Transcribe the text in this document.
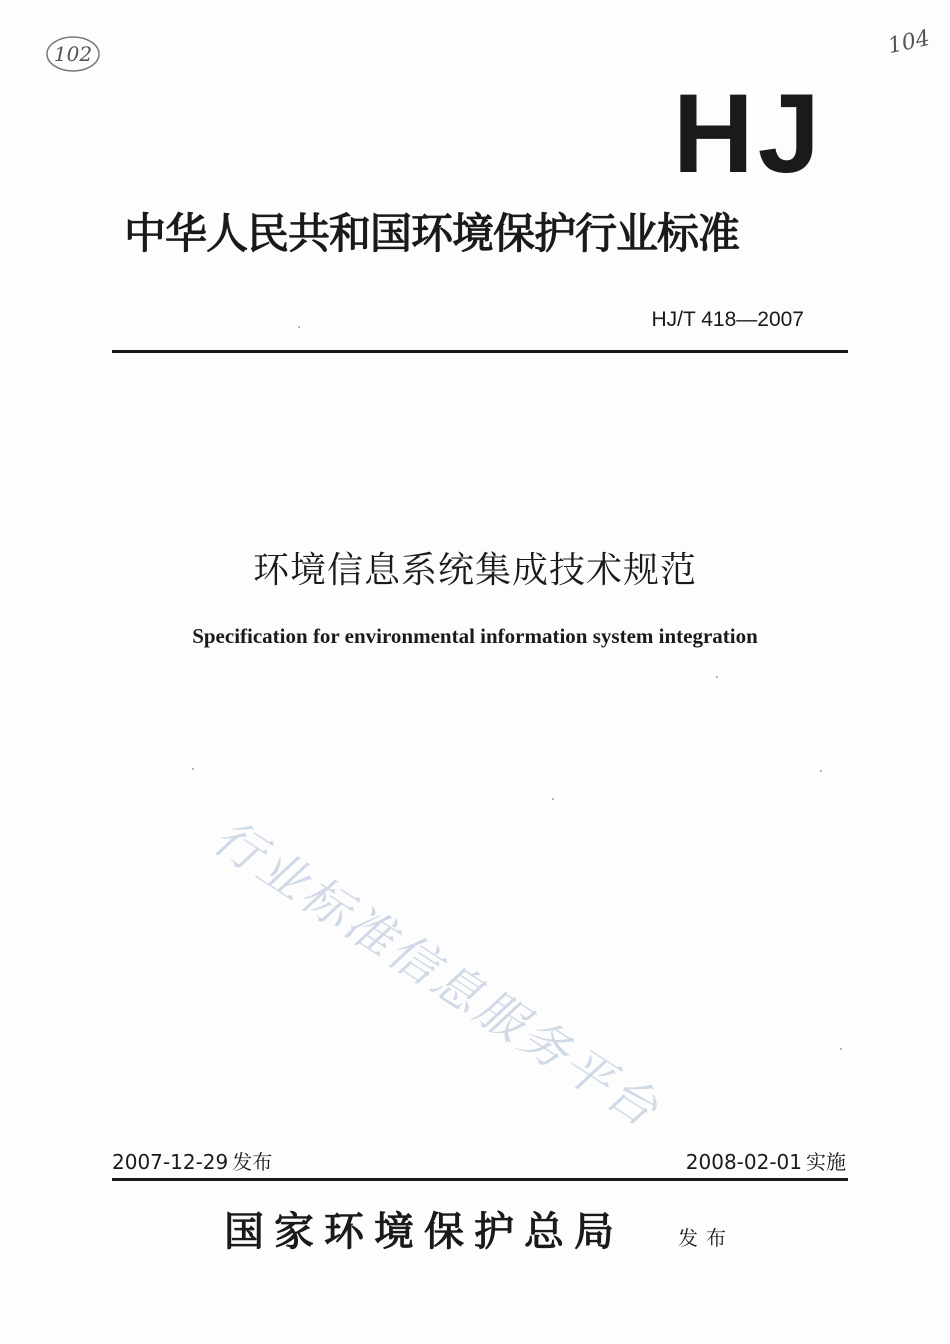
102	104
HJ
中华人民共和国环境保护行业标准
HJ/T 418—2007
环境信息系统集成技术规范
Specification for environmental information system integration
行业标准信息服务平台
2007-12-29 发布	2008-02-01 实施
国家环境保护总局	发布
